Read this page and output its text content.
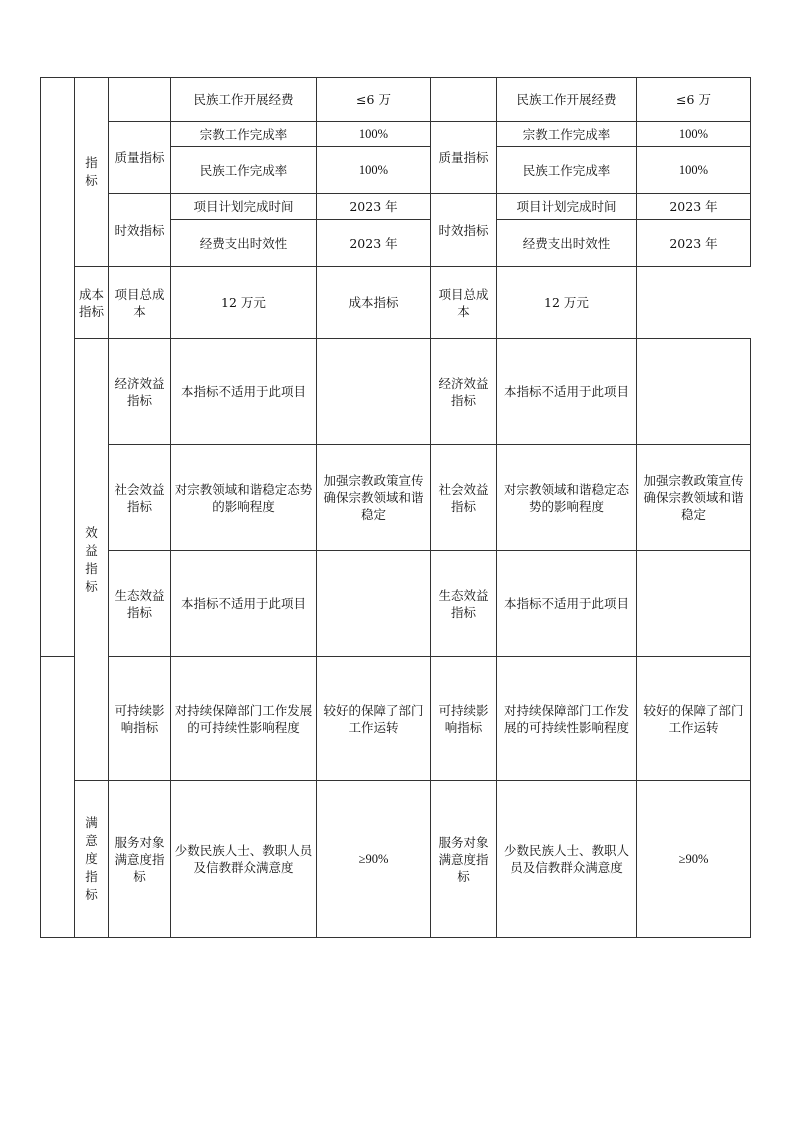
	指标		民族工作开展经费	≤6 万		民族工作开展经费	≤6 万
		质量指标	宗教工作完成率	100%	质量指标	宗教工作完成率	100%
			民族工作完成率	100%		民族工作完成率	100%
		时效指标	项目计划完成时间	2023 年	时效指标	项目计划完成时间	2023 年
			经费支出时效性	2023 年		经费支出时效性	2023 年
	成本指标	项目总成本	12 万元	成本指标	项目总成本	12 万元	

	效益指标	经济效益指标	本指标不适用于此项目		经济效益指标	本指标不适用于此项目	
		社会效益指标	对宗教领域和谐稳定态势的影响程度	加强宗教政策宣传确保宗教领域和谐稳定	社会效益指标	对宗教领域和谐稳定态势的影响程度	加强宗教政策宣传确保宗教领域和谐稳定
		生态效益指标	本指标不适用于此项目		生态效益指标	本指标不适用于此项目	
		可持续影响指标	对持续保障部门工作发展的可持续性影响程度	较好的保障了部门工作运转	可持续影响指标	对持续保障部门工作发展的可持续性影响程度	较好的保障了部门工作运转

	满意度指标	服务对象满意度指标	少数民族人士、教职人员及信教群众满意度	≥90%	服务对象满意度指标	少数民族人士、教职人员及信教群众满意度	≥90%
